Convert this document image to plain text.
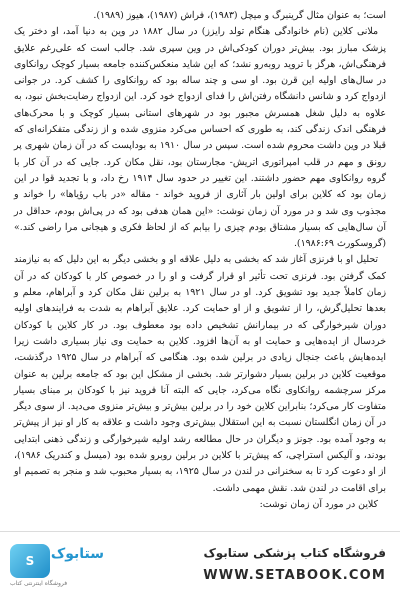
است؛ به عنوان مثال گرینبرگ و میچل (۱۹۸۳)، فراش (۱۹۸۷)، هیوز (۱۹۸۹).

ملانی کلاین (نام خانوادگی هنگام تولد رایزز) در سال ۱۸۸۲ در وین به دنیا آمد، او دختر یک پزشک مبارز بود. بیش‌تر دوران کودکی‌اش در وین سپری شد. جالب است که علی‌رغم علایق فرهنگی‌اش، هرگز با تروید روبه‌رو نشد؛ که این شاید منعکس‌کننده جامعه بسیار کوچک روانکاوی در سال‌های اولیه این قرن بود. او سی و چند ساله بود که روانکاوی را کشف کرد. در جوانی ازدواج کرد و شانس دانشگاه رفتن‌اش را فدای ازدواج خود کرد. این ازدواج رضایت‌بخش نبود، به علاوه به دلیل شغل همسرش مجبور بود در شهرهای استانی بسیار کوچک و با محرک‌های فرهنگی اندک زندگی کند، به طوری که احساس می‌کرد منزوی شده و از زندگی متفکرانه‌ای که قبلا در وین داشت محروم شده است. سپس در سال ۱۹۱۰ به بوداپست که در آن زمان شهری پر رونق و مهم در قلب امپراتوری اتریش- مجارستان بود، نقل مکان کرد. جایی که در آن کار با گروه روانکاوی مهم حضور داشتند. این تغییر در حدود سال ۱۹۱۴ رخ داد، و با تجدید قوا در این زمان بود که کلاین برای اولین بار آثاری از فروید خواند - مقاله «در باب رؤیاها» را خواند و مجذوب وی شد و در مورد آن زمان نوشت: «این همان هدفی بود که در پی‌اش بودم، حداقل در آن سال‌هایی که بسیار مشتاق بودم چیزی را بیابم که از لحاظ فکری و هیجانی مرا راضی کند.» (گروسکورث ۱۹۸۶:۶۹).

تحلیل او با فرنزی آغاز شد که بخشی به دلیل علاقه او و بخشی دیگر به این دلیل که به نیازمند کمک گرفتن بود. فرنزی تحت تأثیر او قرار گرفت و او را در خصوص کار با کودکان که در آن زمان کاملاً جدید بود تشویق کرد. او در سال ۱۹۲۱ به برلین نقل مکان کرد و آبراهام، معلم و بعدها تحلیل‌گرش، را از تشویق و از او حمایت کرد. علایق آبراهام به شدت به فرایندهای اولیه دوران شیرخوارگی که در بیمارانش تشخیص داده بود معطوف بود. در کار کلاین با کودکان خردسال از ایده‌هایی و حمایت او به آن‌ها افزود. کلاین به حمایت وی نیاز بسیاری داشت زیرا ایده‌هایش باعث جنجال زیادی در برلین شده بود. هنگامی که آبراهام در سال ۱۹۲۵ درگذشت، موقعیت کلاین در برلین بسیار دشوارتر شد. بخشی از مشکل این بود که جامعه برلین به عنوان مرکز سرچشمه روانکاوی نگاه می‌کرد، جایی که البته آنا فروید نیز با کودکان بر مبنای بسیار متفاوت کار می‌کرد؛ بنابراین کلاین خود را در برلین بیش‌تر و بیش‌تر منزوی می‌دید. از سوی دیگر در آن زمان انگلستان نسبت به این استقلال بیش‌تری وجود داشت و علاقه به کار او نیز از پیش‌تر به وجود آمده بود. جونز و دیگران در حال مطالعه رشد اولیه شیرخوارگی و زندگی ذهنی ابتدایی بودند، و آلیکس استراچی، که پیش‌تر با کلاین در برلین روبرو شده بود (میسل و کندریک ۱۹۸۶)، از او دعوت کرد تا به سخنرانی در لندن در سال ۱۹۲۵، به بسیار محبوب شد و منجر به تصمیم او برای اقامت در لندن شد. نقش مهمی داشت.

کلاین در مورد آن زمان نوشت:

S	ستابوک
فروشگاه اینترنتی کتاب
فروشگاه کتاب پزشکی ستابوک
WWW.SETABOOK.COM
